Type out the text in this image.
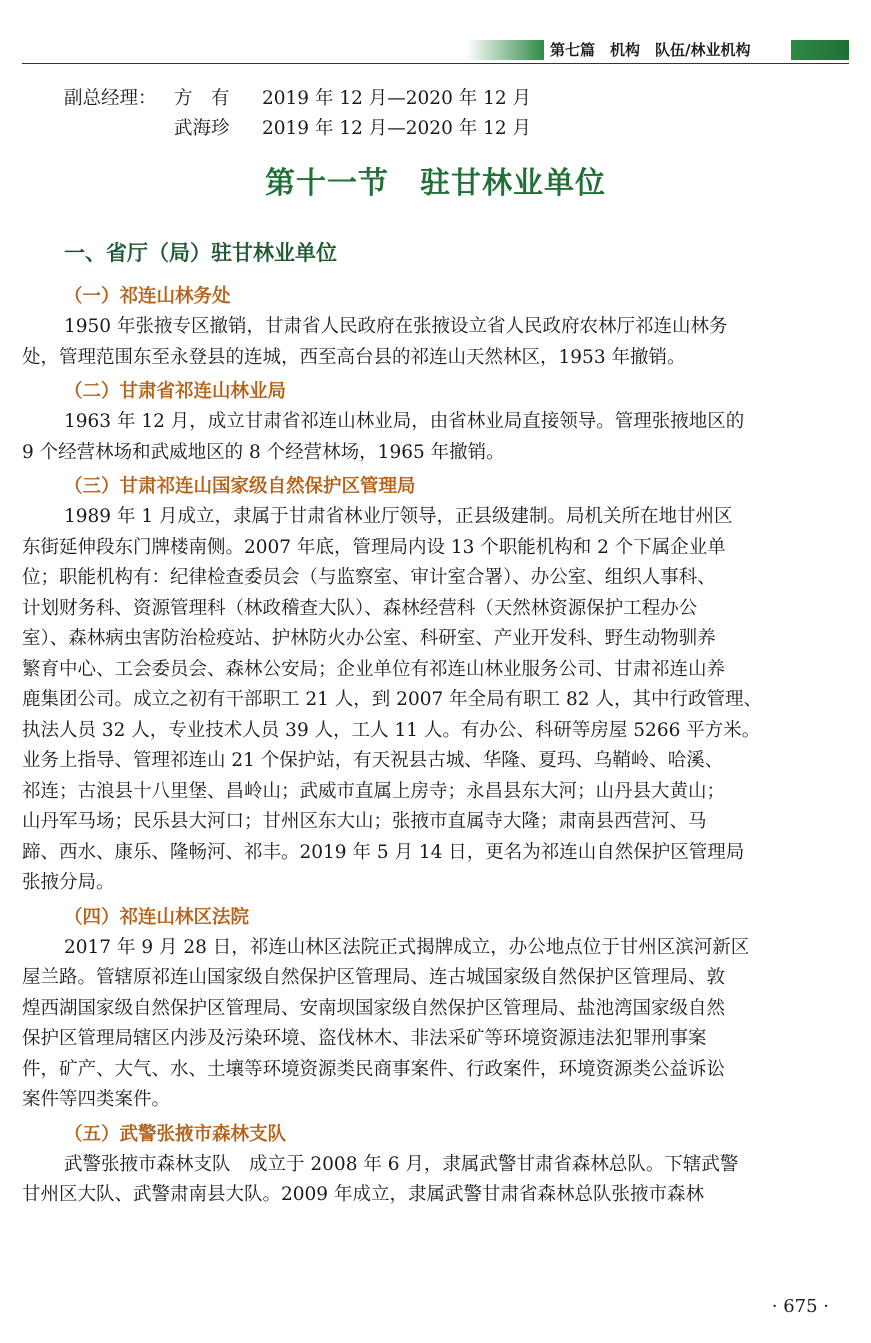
第七篇　机构　队伍/林业机构
副总经理： 方　有	2019 年 12 月—2020 年 12 月
武海珍	2019 年 12 月—2020 年 12 月
第十一节　驻甘林业单位
一、省厅（局）驻甘林业单位
（一）祁连山林务处
1950 年张掖专区撤销，甘肃省人民政府在张掖设立省人民政府农林厅祁连山林务
处，管理范围东至永登县的连城，西至高台县的祁连山天然林区，1953 年撤销。
（二）甘肃省祁连山林业局
1963 年 12 月，成立甘肃省祁连山林业局，由省林业局直接领导。管理张掖地区的
9 个经营林场和武威地区的 8 个经营林场，1965 年撤销。
（三）甘肃祁连山国家级自然保护区管理局
1989 年 1 月成立，隶属于甘肃省林业厅领导，正县级建制。局机关所在地甘州区
东街延伸段东门牌楼南侧。2007 年底，管理局内设 13 个职能机构和 2 个下属企业单
位；职能机构有：纪律检查委员会（与监察室、审计室合署）、办公室、组织人事科、
计划财务科、资源管理科（林政稽查大队）、森林经营科（天然林资源保护工程办公
室）、森林病虫害防治检疫站、护林防火办公室、科研室、产业开发科、野生动物驯养
繁育中心、工会委员会、森林公安局；企业单位有祁连山林业服务公司、甘肃祁连山养
鹿集团公司。成立之初有干部职工 21 人，到 2007 年全局有职工 82 人，其中行政管理、
执法人员 32 人，专业技术人员 39 人，工人 11 人。有办公、科研等房屋 5266 平方米。
业务上指导、管理祁连山 21 个保护站，有天祝县古城、华隆、夏玛、乌鞘岭、哈溪、
祁连；古浪县十八里堡、昌岭山；武威市直属上房寺；永昌县东大河；山丹县大黄山；
山丹军马场；民乐县大河口；甘州区东大山；张掖市直属寺大隆；肃南县西营河、马
蹄、西水、康乐、隆畅河、祁丰。2019 年 5 月 14 日，更名为祁连山自然保护区管理局
张掖分局。
（四）祁连山林区法院
2017 年 9 月 28 日，祁连山林区法院正式揭牌成立，办公地点位于甘州区滨河新区
屋兰路。管辖原祁连山国家级自然保护区管理局、连古城国家级自然保护区管理局、敦
煌西湖国家级自然保护区管理局、安南坝国家级自然保护区管理局、盐池湾国家级自然
保护区管理局辖区内涉及污染环境、盗伐林木、非法采矿等环境资源违法犯罪刑事案
件，矿产、大气、水、土壤等环境资源类民商事案件、行政案件，环境资源类公益诉讼
案件等四类案件。
（五）武警张掖市森林支队
武警张掖市森林支队　成立于 2008 年 6 月，隶属武警甘肃省森林总队。下辖武警
甘州区大队、武警肃南县大队。2009 年成立，隶属武警甘肃省森林总队张掖市森林
· 675 ·
